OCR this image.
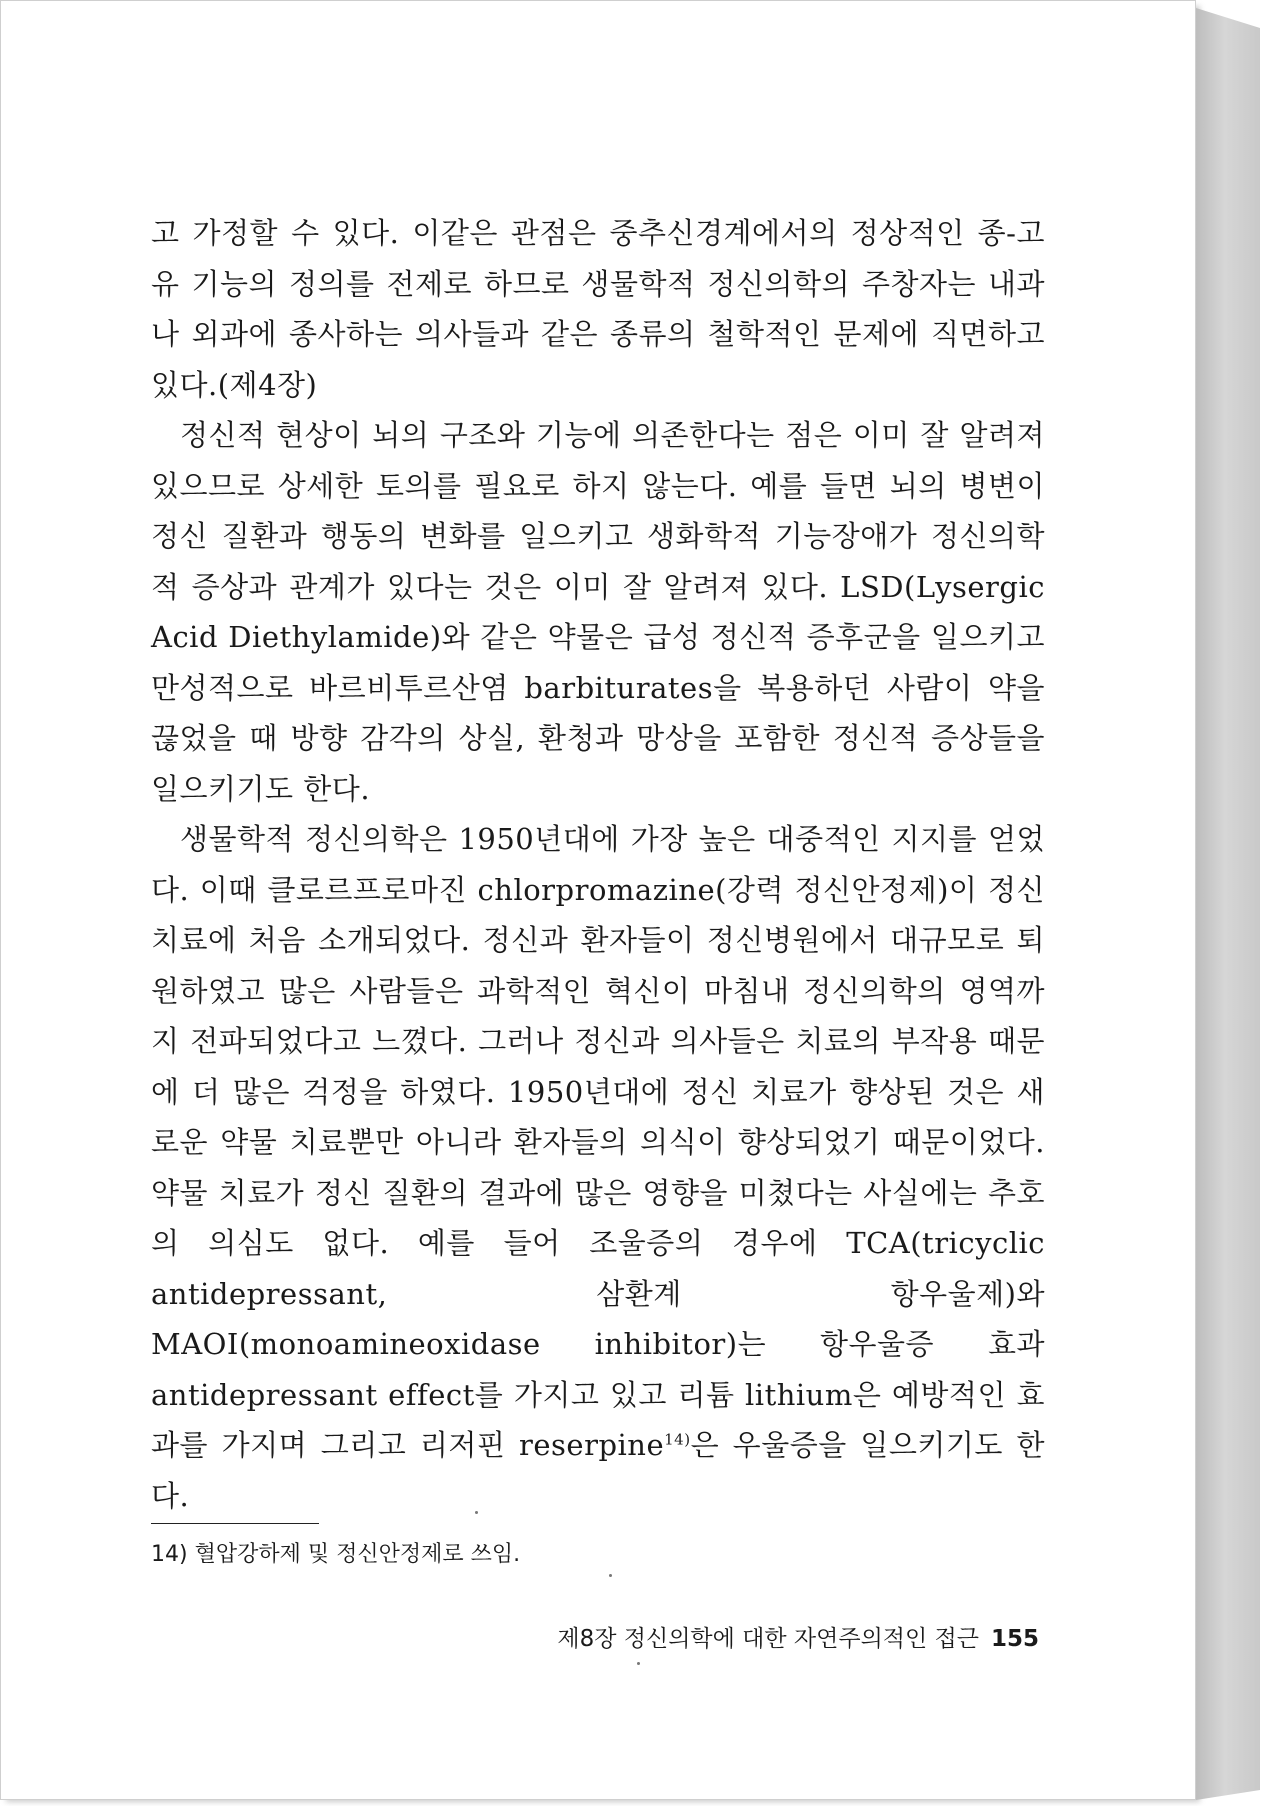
고 가정할 수 있다. 이같은 관점은 중추신경계에서의 정상적인 종-고유 기능의 정의를 전제로 하므로 생물학적 정신의학의 주창자는 내과나 외과에 종사하는 의사들과 같은 종류의 철학적인 문제에 직면하고 있다.(제4장)

정신적 현상이 뇌의 구조와 기능에 의존한다는 점은 이미 잘 알려져 있으므로 상세한 토의를 필요로 하지 않는다. 예를 들면 뇌의 병변이 정신 질환과 행동의 변화를 일으키고 생화학적 기능장애가 정신의학적 증상과 관계가 있다는 것은 이미 잘 알려져 있다. LSD(Lysergic Acid Diethylamide)와 같은 약물은 급성 정신적 증후군을 일으키고 만성적으로 바르비투르산염 barbiturates을 복용하던 사람이 약을 끊었을 때 방향 감각의 상실, 환청과 망상을 포함한 정신적 증상들을 일으키기도 한다.

생물학적 정신의학은 1950년대에 가장 높은 대중적인 지지를 얻었다. 이때 클로르프로마진 chlorpromazine(강력 정신안정제)이 정신 치료에 처음 소개되었다. 정신과 환자들이 정신병원에서 대규모로 퇴원하였고 많은 사람들은 과학적인 혁신이 마침내 정신의학의 영역까지 전파되었다고 느꼈다. 그러나 정신과 의사들은 치료의 부작용 때문에 더 많은 걱정을 하였다. 1950년대에 정신 치료가 향상된 것은 새로운 약물 치료뿐만 아니라 환자들의 의식이 향상되었기 때문이었다. 약물 치료가 정신 질환의 결과에 많은 영향을 미쳤다는 사실에는 추호의 의심도 없다. 예를 들어 조울증의 경우에 TCA(tricyclic antidepressant, 삼환계 항우울제)와 MAOI(monoamineoxidase inhibitor)는 항우울증 효과 antidepressant effect를 가지고 있고 리튬 lithium은 예방적인 효과를 가지며 그리고 리저핀 reserpine$^{14)}$은 우울증을 일으키기도 한다.

14) 혈압강하제 및 정신안정제로 쓰임.
제8장 정신의학에 대한 자연주의적인 접근 155
